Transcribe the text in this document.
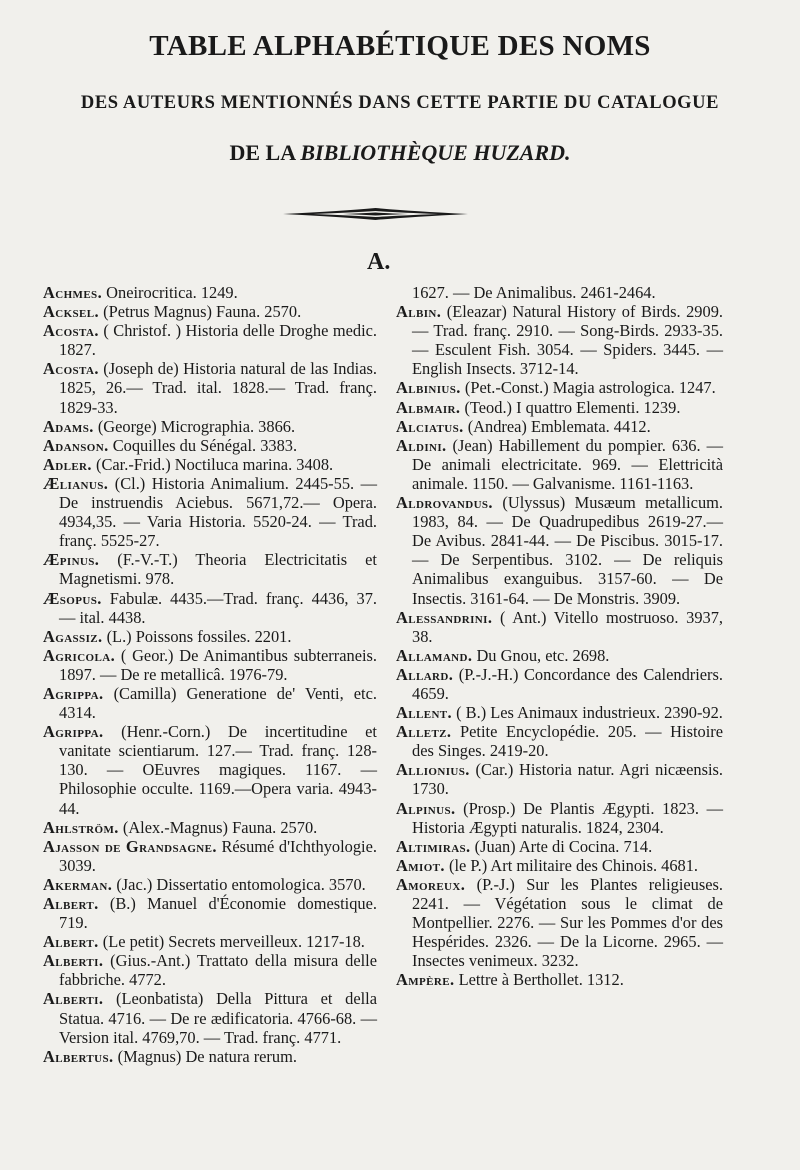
TABLE ALPHABÉTIQUE DES NOMS
DES AUTEURS MENTIONNÉS DANS CETTE PARTIE DU CATALOGUE
DE LA BIBLIOTHÈQUE HUZARD.
A.

Achmes. Oneirocritica. 1249.

Acksel. (Petrus Magnus) Fauna. 2570.

Acosta. ( Christof. ) Historia delle Droghe medic. 1827.

Acosta. (Joseph de) Historia natural de las Indias. 1825, 26.— Trad. ital. 1828.— Trad. franç. 1829-33.

Adams. (George) Micrographia. 3866.

Adanson. Coquilles du Sénégal. 3383.

Adler. (Car.-Frid.) Noctiluca marina. 3408.

Ælianus. (Cl.) Historia Animalium. 2445-55. — De instruendis Aciebus. 5671,72.— Opera. 4934,35. — Varia Historia. 5520-24. — Trad. franç. 5525-27.

Æpinus. (F.-V.-T.) Theoria Electricitatis et Magnetismi. 978.

Æsopus. Fabulæ. 4435.—Trad. franç. 4436, 37. — ital. 4438.

Agassiz. (L.) Poissons fossiles. 2201.

Agricola. ( Geor.) De Animantibus subterraneis. 1897. — De re metallicâ. 1976-79.

Agrippa. (Camilla) Generatione de' Venti, etc. 4314.

Agrippa. (Henr.-Corn.) De incertitudine et vanitate scientiarum. 127.— Trad. franç. 128-130. — OEuvres magiques. 1167. — Philosophie occulte. 1169.—Opera varia. 4943-44.

Ahlström. (Alex.-Magnus) Fauna. 2570.

Ajasson de Grandsagne. Résumé d'Ichthyologie. 3039.

Akerman. (Jac.) Dissertatio entomologica. 3570.

Albert. (B.) Manuel d'Économie domestique. 719.

Albert. (Le petit) Secrets merveilleux. 1217-18.

Alberti. (Gius.-Ant.) Trattato della misura delle fabbriche. 4772.

Alberti. (Leonbatista) Della Pittura et della Statua. 4716. — De re ædificatoria. 4766-68. — Version ital. 4769,70. — Trad. franç. 4771.

Albertus. (Magnus) De natura rerum.

1627. — De Animalibus. 2461-2464.

Albin. (Eleazar) Natural History of Birds. 2909. — Trad. franç. 2910. — Song-Birds. 2933-35. — Esculent Fish. 3054. — Spiders. 3445. — English Insects. 3712-14.

Albinius. (Pet.-Const.) Magia astrologica. 1247.

Albmair. (Teod.) I quattro Elementi. 1239.

Alciatus. (Andrea) Emblemata. 4412.

Aldini. (Jean) Habillement du pompier. 636. — De animali electricitate. 969. — Elettricità animale. 1150. — Galvanisme. 1161-1163.

Aldrovandus. (Ulyssus) Musæum metallicum. 1983, 84. — De Quadrupedibus 2619-27.— De Avibus. 2841-44. — De Piscibus. 3015-17. — De Serpentibus. 3102. — De reliquis Animalibus exanguibus. 3157-60. — De Insectis. 3161-64. — De Monstris. 3909.

Alessandrini. ( Ant.) Vitello mostruoso. 3937, 38.

Allamand. Du Gnou, etc. 2698.

Allard. (P.-J.-H.) Concordance des Calendriers. 4659.

Allent. ( B.) Les Animaux industrieux. 2390-92.

Alletz. Petite Encyclopédie. 205. — Histoire des Singes. 2419-20.

Allionius. (Car.) Historia natur. Agri nicæensis. 1730.

Alpinus. (Prosp.) De Plantis Ægypti. 1823. — Historia Ægypti naturalis. 1824, 2304.

Altimiras. (Juan) Arte di Cocina. 714.

Amiot. (le P.) Art militaire des Chinois. 4681.

Amoreux. (P.-J.) Sur les Plantes religieuses. 2241. — Végétation sous le climat de Montpellier. 2276. — Sur les Pommes d'or des Hespérides. 2326. — De la Licorne. 2965. — Insectes venimeux. 3232.

Ampère. Lettre à Berthollet. 1312.
